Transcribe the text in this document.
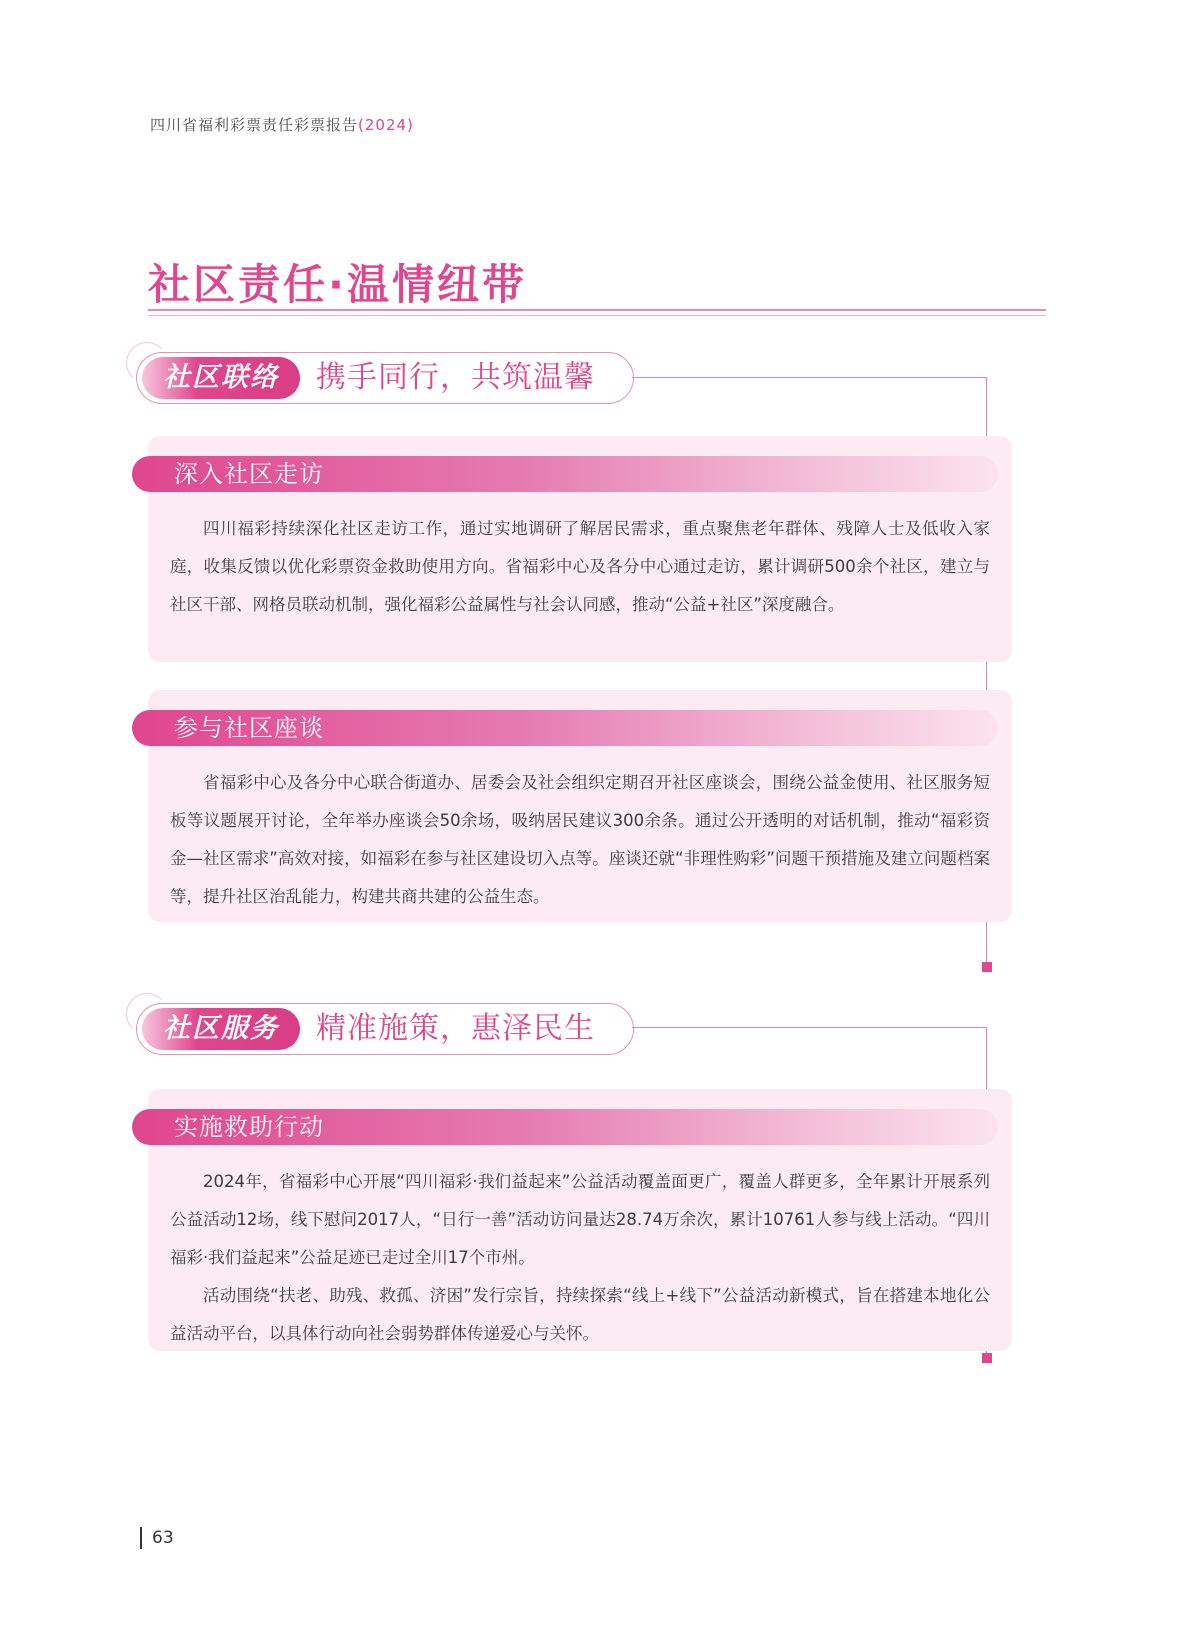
四川省福利彩票责任彩票报告(2024)
社区责任·温情纽带
社区联络	携手同行，共筑温馨
深入社区走访

四川福彩持续深化社区走访工作，通过实地调研了解居民需求，重点聚焦老年群体、残障人士及低收入家庭，收集反馈以优化彩票资金救助使用方向。省福彩中心及各分中心通过走访，累计调研500余个社区，建立与社区干部、网格员联动机制，强化福彩公益属性与社会认同感，推动“公益+社区”深度融合。

参与社区座谈

省福彩中心及各分中心联合街道办、居委会及社会组织定期召开社区座谈会，围绕公益金使用、社区服务短板等议题展开讨论，全年举办座谈会50余场，吸纳居民建议300余条。通过公开透明的对话机制，推动“福彩资金—社区需求”高效对接，如福彩在参与社区建设切入点等。座谈还就“非理性购彩”问题干预措施及建立问题档案等，提升社区治乱能力，构建共商共建的公益生态。

社区服务	精准施策，惠泽民生
实施救助行动

2024年，省福彩中心开展“四川福彩·我们益起来”公益活动覆盖面更广，覆盖人群更多，全年累计开展系列公益活动12场，线下慰问2017人，“日行一善”活动访问量达28.74万余次，累计10761人参与线上活动。“四川福彩·我们益起来”公益足迹已走过全川17个市州。

活动围绕“扶老、助残、救孤、济困”发行宗旨，持续探索“线上+线下”公益活动新模式，旨在搭建本地化公益活动平台，以具体行动向社会弱势群体传递爱心与关怀。

63
